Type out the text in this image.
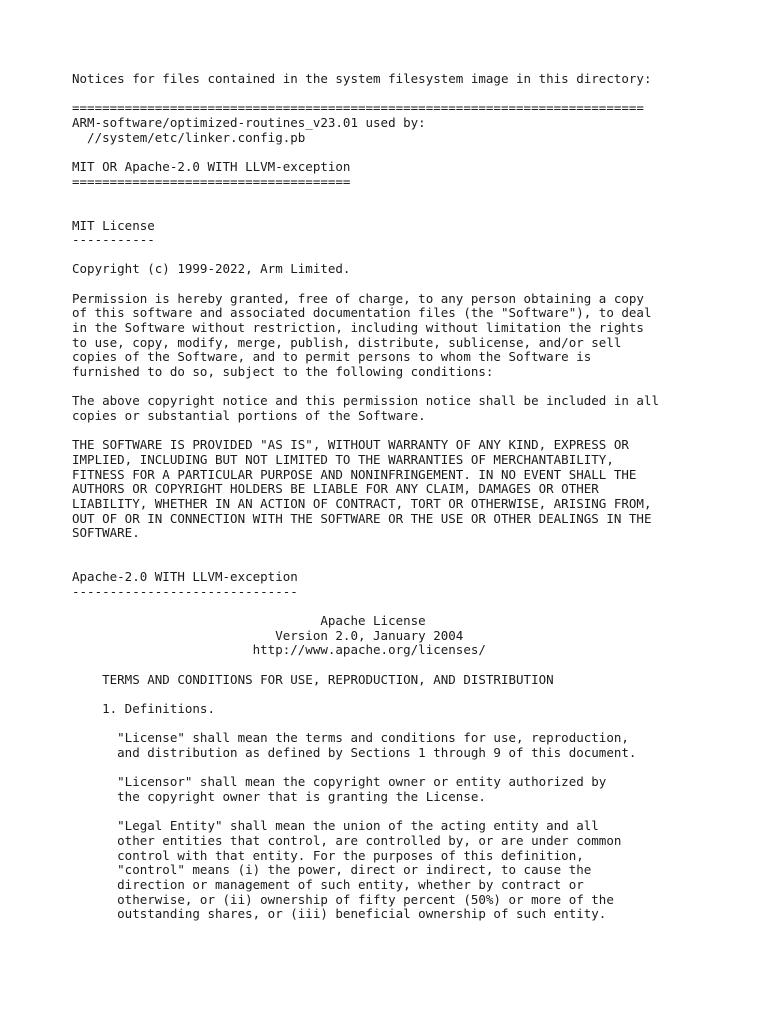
Notices for files contained in the system filesystem image in this directory:
============================================================================
ARM-software/optimized-routines_v23.01 used by:
//system/etc/linker.config.pb
MIT OR Apache-2.0 WITH LLVM-exception
=====================================
MIT License
-----------
Copyright (c) 1999-2022, Arm Limited.
Permission is hereby granted, free of charge, to any person obtaining a copy
of this software and associated documentation files (the "Software"), to deal
in the Software without restriction, including without limitation the rights
to use, copy, modify, merge, publish, distribute, sublicense, and/or sell
copies of the Software, and to permit persons to whom the Software is
furnished to do so, subject to the following conditions:
The above copyright notice and this permission notice shall be included in all
copies or substantial portions of the Software.
THE SOFTWARE IS PROVIDED "AS IS", WITHOUT WARRANTY OF ANY KIND, EXPRESS OR
IMPLIED, INCLUDING BUT NOT LIMITED TO THE WARRANTIES OF MERCHANTABILITY,
FITNESS FOR A PARTICULAR PURPOSE AND NONINFRINGEMENT. IN NO EVENT SHALL THE
AUTHORS OR COPYRIGHT HOLDERS BE LIABLE FOR ANY CLAIM, DAMAGES OR OTHER
LIABILITY, WHETHER IN AN ACTION OF CONTRACT, TORT OR OTHERWISE, ARISING FROM,
OUT OF OR IN CONNECTION WITH THE SOFTWARE OR THE USE OR OTHER DEALINGS IN THE
SOFTWARE.
Apache-2.0 WITH LLVM-exception
------------------------------
Apache License
Version 2.0, January 2004
http://www.apache.org/licenses/
TERMS AND CONDITIONS FOR USE, REPRODUCTION, AND DISTRIBUTION
1. Definitions.
"License" shall mean the terms and conditions for use, reproduction,
and distribution as defined by Sections 1 through 9 of this document.
"Licensor" shall mean the copyright owner or entity authorized by
the copyright owner that is granting the License.
"Legal Entity" shall mean the union of the acting entity and all
other entities that control, are controlled by, or are under common
control with that entity. For the purposes of this definition,
"control" means (i) the power, direct or indirect, to cause the
direction or management of such entity, whether by contract or
otherwise, or (ii) ownership of fifty percent (50%) or more of the
outstanding shares, or (iii) beneficial ownership of such entity.
